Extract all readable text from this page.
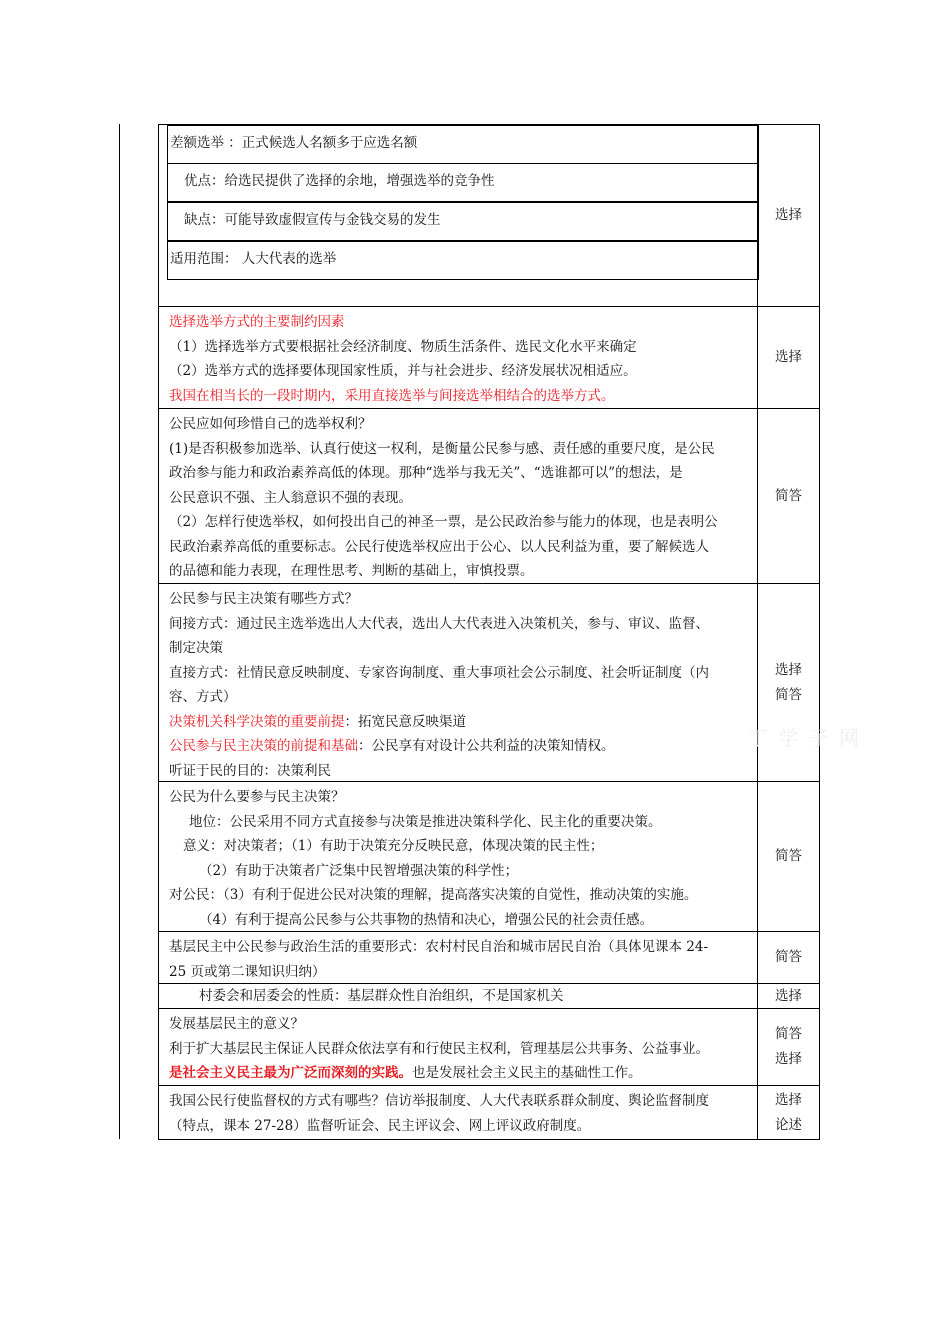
差额选举 ：正式候选人名额多于应选名额
优点：给选民提供了选择的余地，增强选举的竞争性
缺点：可能导致虚假宣传与金钱交易的发生
适用范围： 人大代表的选举
选择
选择选举方式的主要制约因素
（1）选择选举方式要根据社会经济制度、物质生活条件、选民文化水平来确定
（2）选举方式的选择要体现国家性质，并与社会进步、经济发展状况相适应。
我国在相当长的一段时期内，采用直接选举与间接选举相结合的选举方式。
选择
公民应如何珍惜自己的选举权利？
(1)是否积极参加选举、认真行使这一权利，是衡量公民参与感、责任感的重要尺度，是公民
政治参与能力和政治素养高低的体现。那种“选举与我无关”、“选谁都可以”的想法，是
公民意识不强、主人翁意识不强的表现。
（2）怎样行使选举权，如何投出自己的神圣一票，是公民政治参与能力的体现，也是表明公
民政治素养高低的重要标志。公民行使选举权应出于公心、以人民利益为重，要了解候选人
的品德和能力表现，在理性思考、判断的基础上，审慎投票。
简答
公民参与民主决策有哪些方式？
间接方式：通过民主选举选出人大代表，选出人大代表进入决策机关，参与、审议、监督、
制定决策
直接方式：社情民意反映制度、专家咨询制度、重大事项社会公示制度、社会听证制度（内
容、方式）
决策机关科学决策的重要前提：拓宽民意反映渠道
公民参与民主决策的前提和基础：公民享有对设计公共利益的决策知情权。
听证于民的目的：决策利民
选择
简答
公民为什么要参与民主决策？
地位：公民采用不同方式直接参与决策是推进决策科学化、民主化的重要决策。
意义：对决策者；（1）有助于决策充分反映民意，体现决策的民主性；
（2）有助于决策者广泛集中民智增强决策的科学性；
对公民：（3）有利于促进公民对决策的理解，提高落实决策的自觉性，推动决策的实施。
（4）有利于提高公民参与公共事物的热情和决心，增强公民的社会责任感。
简答
基层民主中公民参与政治生活的重要形式：农村村民自治和城市居民自治（具体见课本 24-
25 页或第二课知识归纳）
简答
村委会和居委会的性质：基层群众性自治组织，不是国家机关	选择
发展基层民主的意义？
利于扩大基层民主保证人民群众依法享有和行使民主权利，管理基层公共事务、公益事业。
是社会主义民主最为广泛而深刻的实践。也是发展社会主义民主的基础性工作。
简答
选择
我国公民行使监督权的方式有哪些？信访举报制度、人大代表联系群众制度、舆论监督制度
（特点，课本 27-28）监督听证会、民主评议会、网上评议政府制度。
选择
论述
丁 学 子 网
